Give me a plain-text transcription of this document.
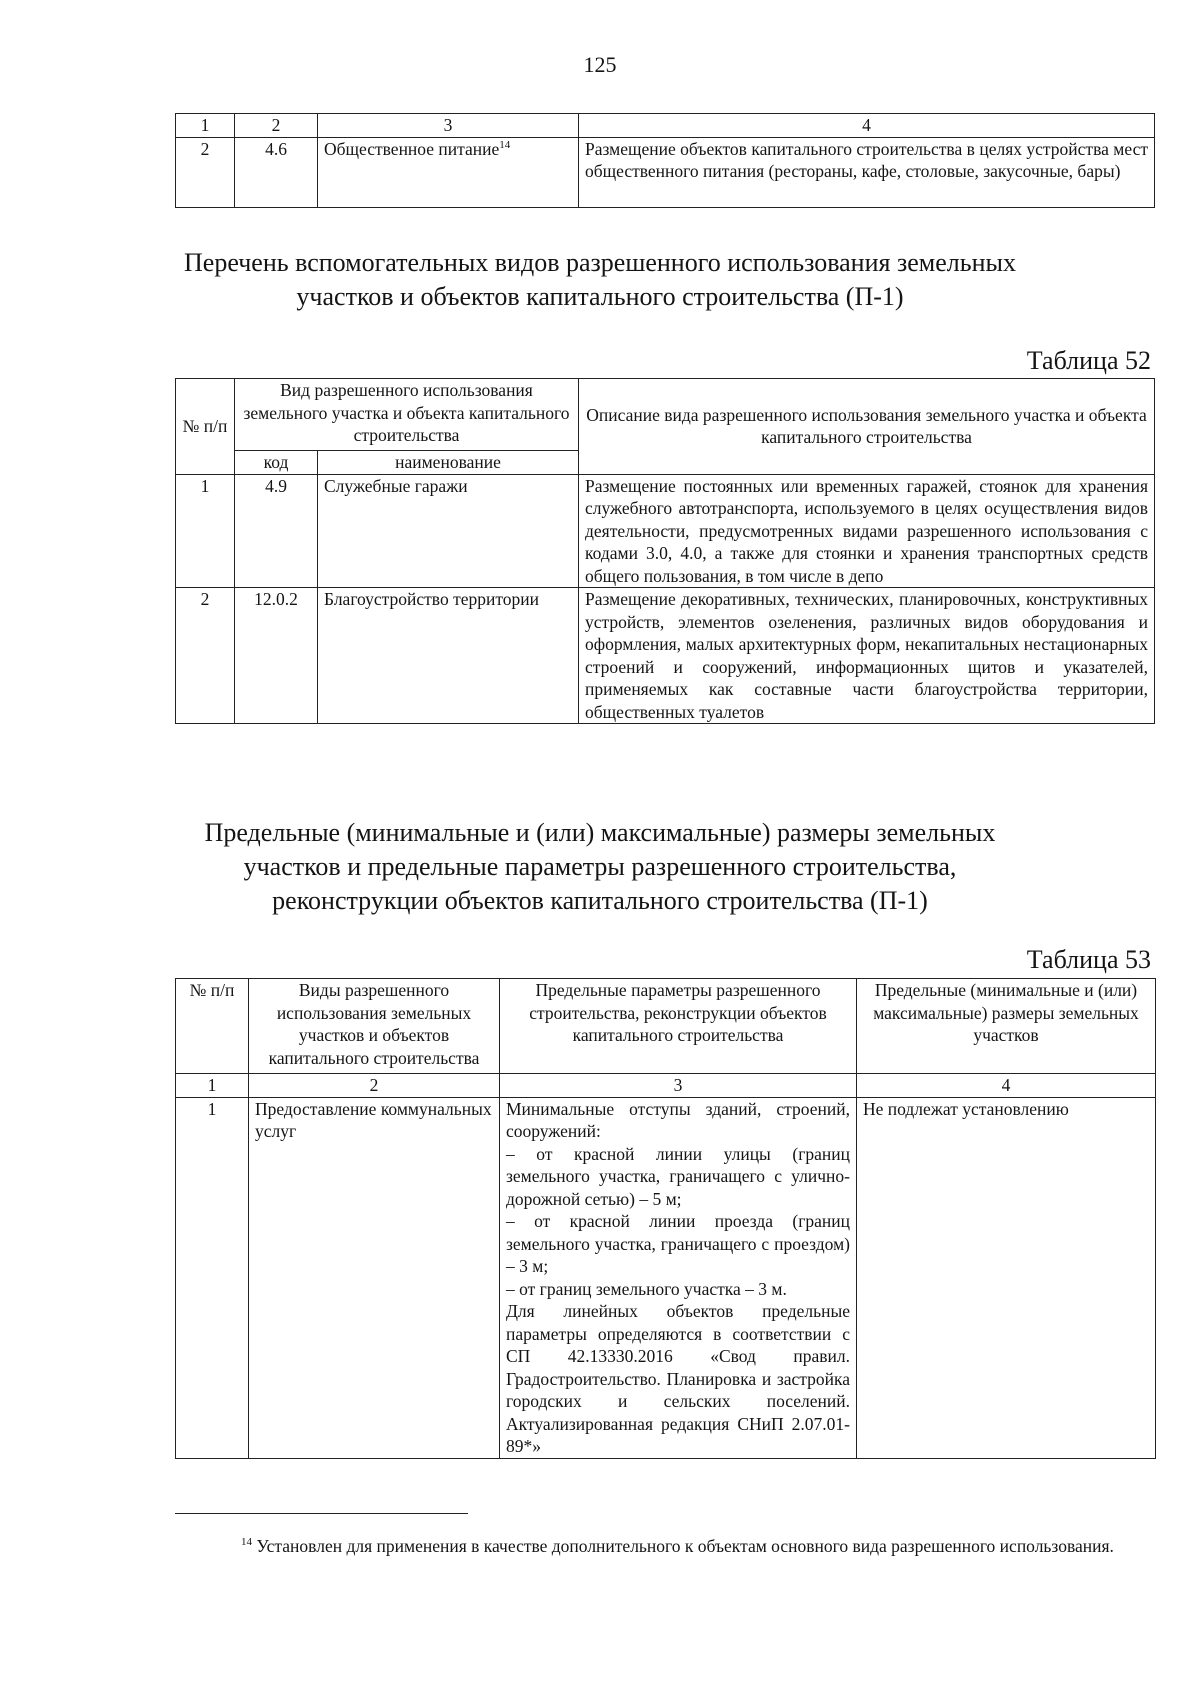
125
1	2	3	4
2	4.6	Общественное питание$^{14}$	Размещение объектов капитального строительства в целях устройства мест общественного питания (рестораны, кафе, столовые, закусочные, бары)
Перечень вспомогательных видов разрешенного использования земельных
участков и объектов капитального строительства (П-1)
Таблица 52
№ п/п	Вид разрешенного использования земельного участка и объекта капитального строительства		Описание вида разрешенного использования земельного участка и объекта капитального строительства
	код	наименование	
1	4.9	Служебные гаражи	Размещение постоянных или временных гаражей, стоянок для хранения служебного автотранспорта, используемого в целях осуществления видов деятельности, предусмотренных видами разрешенного использования с кодами 3.0, 4.0, а также для стоянки и хранения транспортных средств общего пользования, в том числе в депо
2	12.0.2	Благоустройство территории	Размещение декоративных, технических, планировочных, конструктивных устройств, элементов озеленения, различных видов оборудования и оформления, малых архитектурных форм, некапитальных нестационарных строений и сооружений, информационных щитов и указателей, применяемых как составные части благоустройства территории, общественных туалетов
Предельные (минимальные и (или) максимальные) размеры земельных
участков и предельные параметры разрешенного строительства,
реконструкции объектов капитального строительства (П-1)
Таблица 53
№ п/п	Виды разрешенного использования земельных участков и объектов капитального строительства	Предельные параметры разрешенного строительства, реконструкции объектов капитального строительства	Предельные (минимальные и (или) максимальные) размеры земельных участков
1	2	3	4
1	Предоставление коммунальных услуг	Минимальные отступы зданий, строений, сооружений:
– от красной линии улицы (границ земельного участка, граничащего с улично-дорожной сетью) – 5 м;
– от красной линии проезда (границ земельного участка, граничащего с проездом) – 3 м;
– от границ земельного участка – 3 м.
Для линейных объектов предельные параметры определяются в соответствии с СП 42.13330.2016 «Свод правил. Градостроительство. Планировка и застройка городских и сельских поселений. Актуализированная редакция СНиП 2.07.01-89*»	Не подлежат установлению
$^{14}$ Установлен для применения в качестве дополнительного к объектам основного вида разрешенного использования.
